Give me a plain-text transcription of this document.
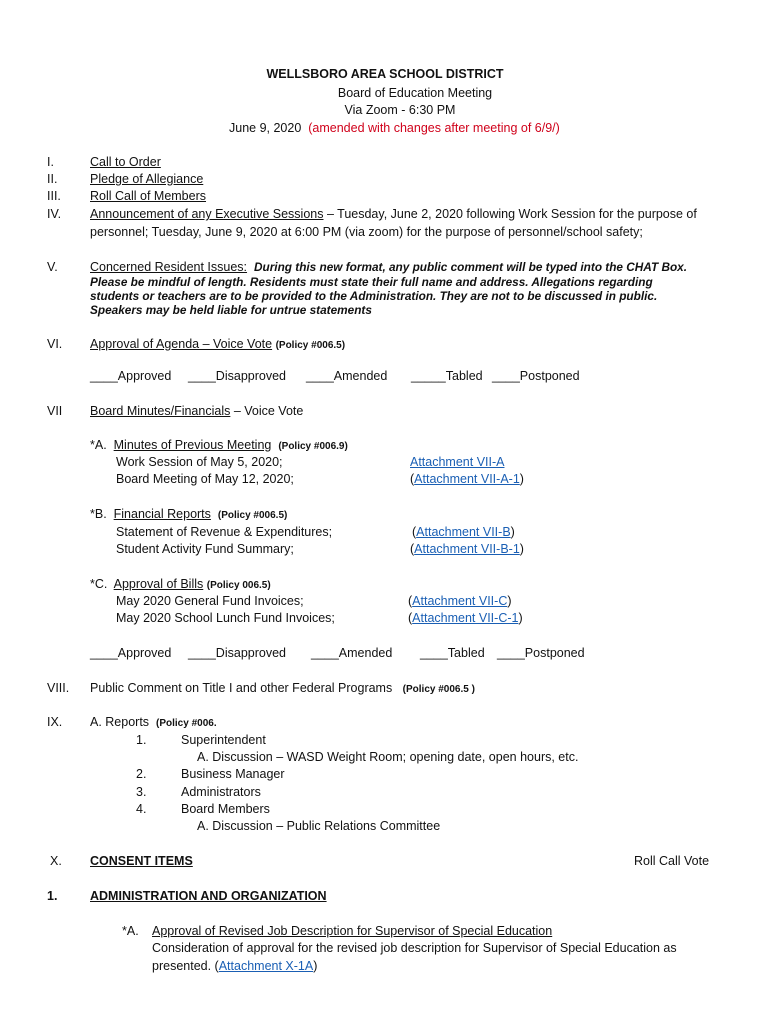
WELLSBORO AREA SCHOOL DISTRICT
Board of Education Meeting
Via Zoom - 6:30 PM
June 9, 2020 (amended with changes after meeting of 6/9/)
I.	Call to Order
II.	Pledge of Allegiance
III. Roll Call of Members
IV. Announcement of any Executive Sessions – Tuesday, June 2, 2020 following Work Session for the purpose of
personnel; Tuesday, June 9, 2020 at 6:00 PM (via zoom) for the purpose of personnel/school safety;
V.	Concerned Resident Issues: During this new format, any public comment will be typed into the CHAT Box.
Please be mindful of length. Residents must state their full name and address. Allegations regarding
students or teachers are to be provided to the Administration. They are not to be discussed in public.
Speakers may be held liable for untrue statements
VI. Approval of Agenda – Voice Vote (Policy #006.5)
____Approved ____Disapproved ____Amended _____Tabled ____Postponed
VII Board Minutes/Financials – Voice Vote
*A. Minutes of Previous Meeting (Policy #006.9)
Work Session of May 5, 2020;	Attachment VII-A
Board Meeting of May 12, 2020;	(Attachment VII-A-1)
*B. Financial Reports (Policy #006.5)
Statement of Revenue & Expenditures;	(Attachment VII-B)
Student Activity Fund Summary;	(Attachment VII-B-1)
*C. Approval of Bills (Policy 006.5)
May 2020 General Fund Invoices;	(Attachment VII-C)
May 2020 School Lunch Fund Invoices;	(Attachment VII-C-1)
____Approved ____Disapproved ____Amended ____Tabled ____Postponed
VIII. Public Comment on Title I and other Federal Programs (Policy #006.5 )
IX. A. Reports (Policy #006.
1.	Superintendent
A. Discussion – WASD Weight Room; opening date, open hours, etc.
2.	Business Manager
3.	Administrators
4.	Board Members
A. Discussion – Public Relations Committee
X. CONSENT ITEMS	Roll Call Vote
1.	ADMINISTRATION AND ORGANIZATION
*A. Approval of Revised Job Description for Supervisor of Special Education
Consideration of approval for the revised job description for Supervisor of Special Education as
presented. (Attachment X-1A)
